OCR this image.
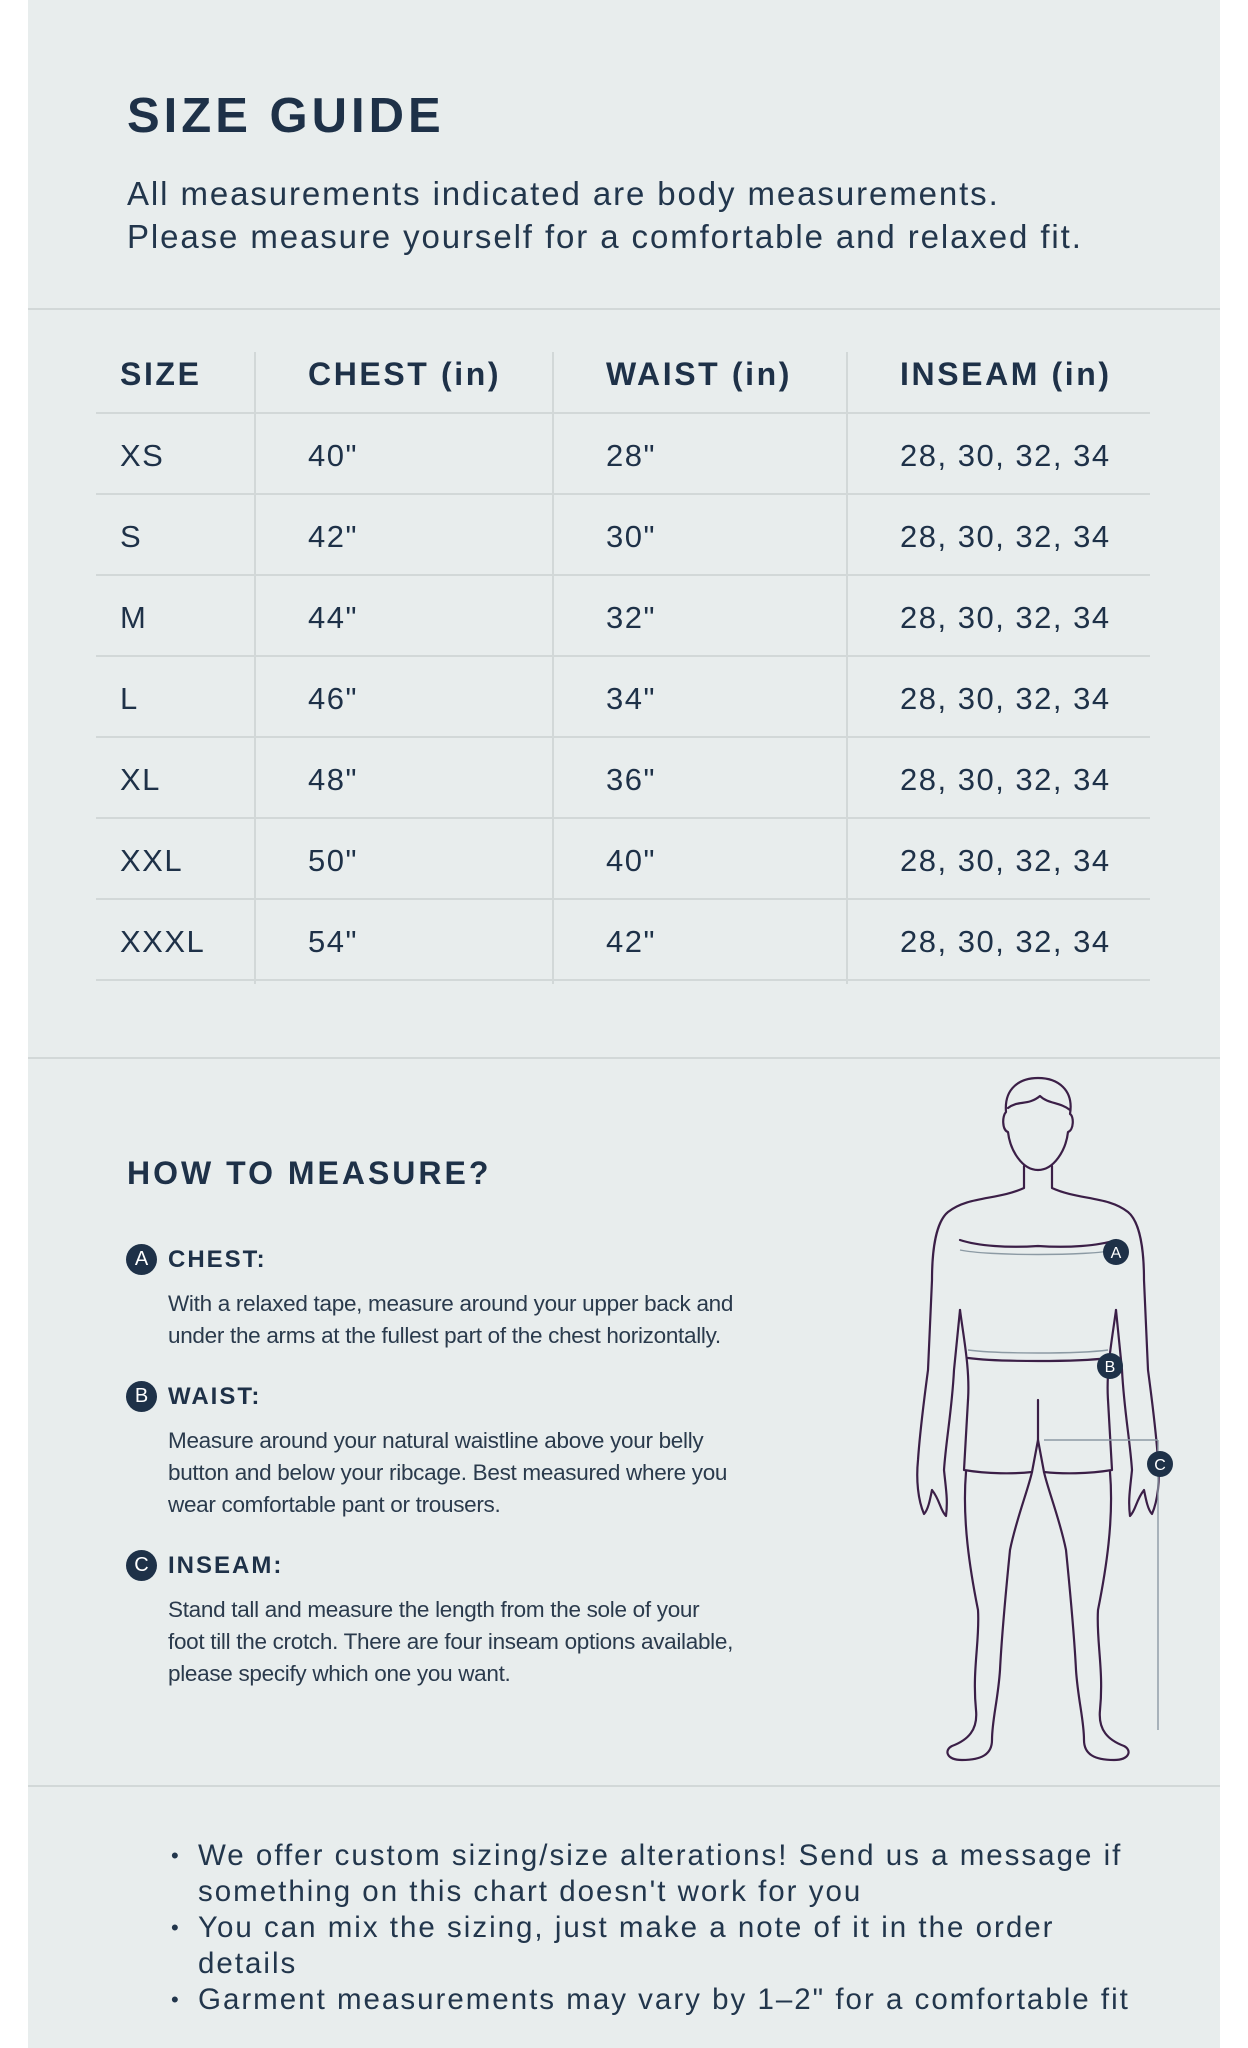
SIZE GUIDE

All measurements indicated are body measurements.
Please measure yourself for a comfortable and relaxed fit.

SIZE	CHEST (in)	WAIST (in)	INSEAM (in)
XS	40"	28"	28, 30, 32, 34
S	42"	30"	28, 30, 32, 34
M	44"	32"	28, 30, 32, 34
L	46"	34"	28, 30, 32, 34
XL	48"	36"	28, 30, 32, 34
XXL	50"	40"	28, 30, 32, 34
XXXL	54"	42"	28, 30, 32, 34
HOW TO MEASURE?
A CHEST:
With a relaxed tape, measure around your upper back and
under the arms at the fullest part of the chest horizontally.
B WAIST:
Measure around your natural waistline above your belly
button and below your ribcage. Best measured where you
wear comfortable pant or trousers.
C INSEAM:
Stand tall and measure the length from the sole of your
foot till the crotch. There are four inseam options available,
please specify which one you want.
A
B
C
• We offer custom sizing/size alterations! Send us a message if
something on this chart doesn't work for you
• You can mix the sizing, just make a note of it in the order
details
• Garment measurements may vary by 1–2" for a comfortable fit
